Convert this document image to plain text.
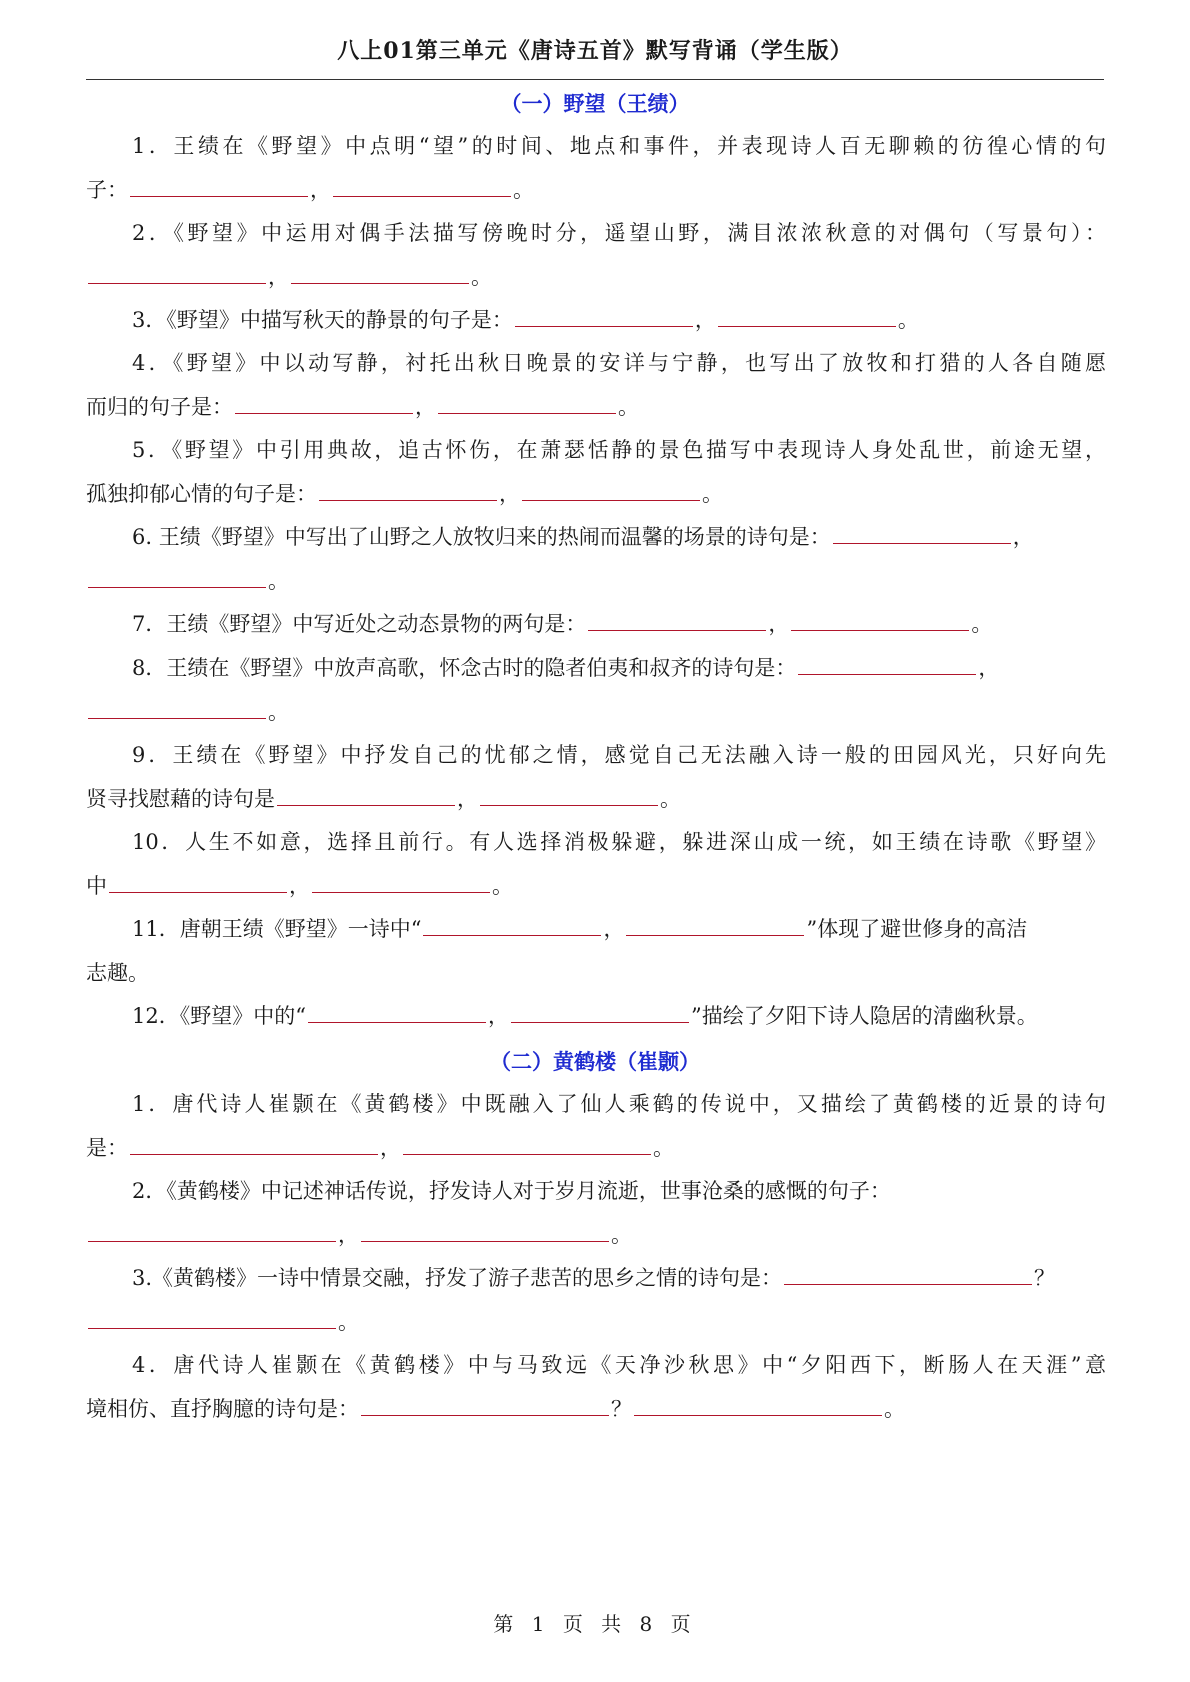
八上01第三单元《唐诗五首》默写背诵（学生版）
（一）野望（王绩）
1．王绩在《野望》中点明“望”的时间、地点和事件，并表现诗人百无聊赖的彷徨心情的句
子：	，	。
2．《野望》中运用对偶手法描写傍晚时分，遥望山野，满目浓浓秋意的对偶句（写景句）：
，	。
3．《野望》中描写秋天的静景的句子是：	，	。
4．《野望》中以动写静，衬托出秋日晚景的安详与宁静，也写出了放牧和打猎的人各自随愿
而归的句子是：	，	。
5．《野望》中引用典故，追古怀伤，在萧瑟恬静的景色描写中表现诗人身处乱世，前途无望，
孤独抑郁心情的句子是：	，	。
6. 王绩《野望》中写出了山野之人放牧归来的热闹而温馨的场景的诗句是：	，
。
7．王绩《野望》中写近处之动态景物的两句是：	，	。
8．王绩在《野望》中放声高歌，怀念古时的隐者伯夷和叔齐的诗句是：	，
。
9．王绩在《野望》中抒发自己的忧郁之情，感觉自己无法融入诗一般的田园风光，只好向先
贤寻找慰藉的诗句是	，	。
10．人生不如意，选择且前行。有人选择消极躲避，躲进深山成一统，如王绩在诗歌《野望》
中	，	。
11．唐朝王绩《野望》一诗中“	，	”体现了避世修身的高洁
志趣。
12．《野望》中的“	，	”描绘了夕阳下诗人隐居的清幽秋景。
（二）黄鹤楼（崔颢）
1．唐代诗人崔颢在《黄鹤楼》中既融入了仙人乘鹤的传说中，又描绘了黄鹤楼的近景的诗句
是：	，	。
2．《黄鹤楼》中记述神话传说，抒发诗人对于岁月流逝，世事沧桑的感慨的句子：
，	。
3.《黄鹤楼》一诗中情景交融，抒发了游子悲苦的思乡之情的诗句是：	？
。
4．唐代诗人崔颢在《黄鹤楼》中与马致远《天净沙秋思》中“夕阳西下，断肠人在天涯”意
境相仿、直抒胸臆的诗句是：	？	。
第 1 页 共 8 页
